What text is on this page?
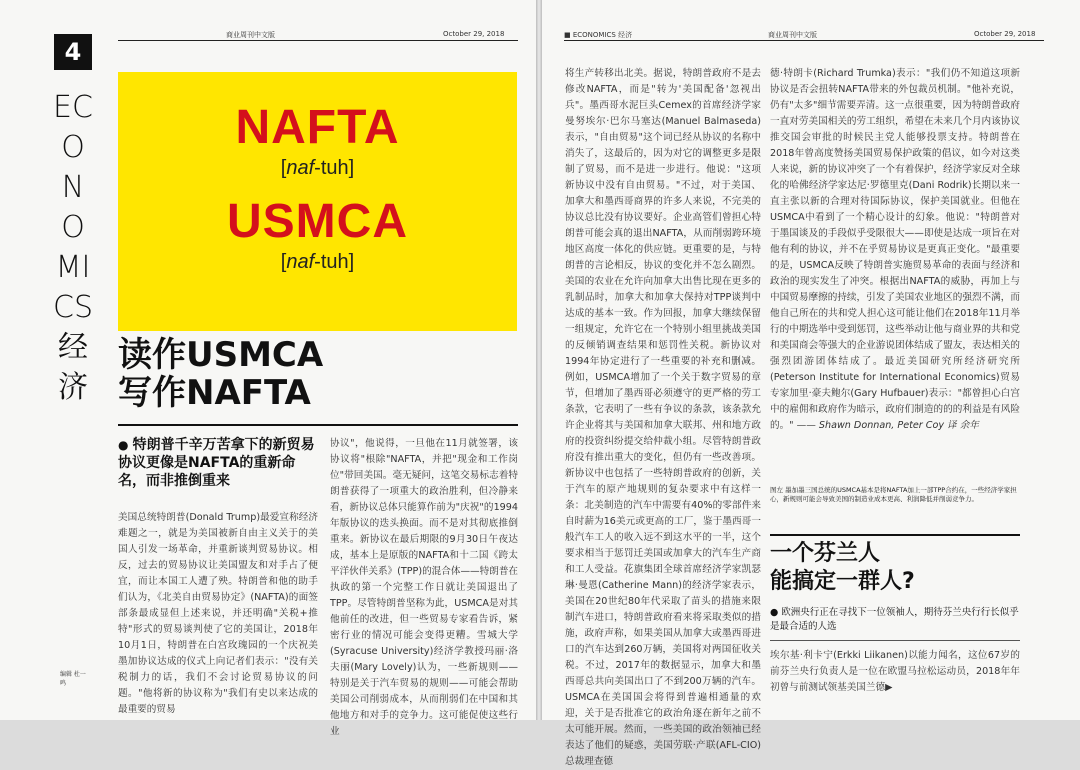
商业周刊中文版	October 29, 2018
4
ECONOMICS经济
编辑 杜一鸣
NAFTA
[naf-tuh]
USMCA
[naf-tuh]
读作USMCA
写作NAFTA
● 特朗普千辛万苦拿下的新贸易协议更像是NAFTA的重新命名，而非推倒重来
美国总统特朗普(Donald Trump)最爱宣称经济难题之一，就是为美国被新自由主义关于的美国人引发一场革命，并重新谈判贸易协议。相反，过去的贸易协议让美国盟友和对手占了便宜，而让本国工人遭了殃。特朗普和他的助手们认为，《北美自由贸易协定》(NAFTA)的面签部条最成显但上述来说，并还明确"关税+推特"形式的贸易谈判使了它的美国让，2018年10月1日，特朗普在白宫玫瑰园的一个庆祝美墨加协议达成的仪式上向记者们表示："没有关税制力的话，我们不会讨论贸易协议的问题。"他将新的协议称为"我们有史以来达成的最重要的贸易
协议"，他说得，一旦他在11月就签署，该协议将"根除"NAFTA，并把"现金和工作岗位"带回美国。毫无疑问，这笔交易标志着特朗普获得了一项重大的政治胜利，但冷静来看，新协议总体只能算作前为"庆祝"的1994年版协议的迭头换面。而不是对其彻底推倒重来。新协议在最后期限的9月30日午夜达成，基本上是原版的NAFTA和十二国《跨太平洋伙伴关系》(TPP)的混合体——特朗普在执政的第一个完整工作日就让美国退出了TPP。尽管特朗普坚称为此，USMCA是对其他前任的改进，但一些贸易专家看告诉，紧密行业的情况可能会变得更糟。雪城大学(Syracuse University)经济学教授玛丽·洛夫丽(Mary Lovely)认为，一些新规则——特别是关于汽车贸易的规则——可能会帮助美国公司削弱成本，从而削弱们在中国和其他地方和对手的竞争力。这可能促使这些行业
■ ECONOMICS 经济	商业周刊中文版	October 29, 2018
将生产转移出北美。据说，特朗普政府不是去修改NAFTA，而是"转为'美国配备'忽视出兵"。墨西哥水泥巨头Cemex的首席经济学家曼努埃尔·巴尔马塞达(Manuel Balmaseda)表示，"自由贸易"这个词已经从协议的名称中消失了，这最后的，因为对它的调整更多是限制了贸易，而不是进一步进行。他说："这项新协议中没有自由贸易。"不过，对于美国、加拿大和墨西哥商界的许多人来说，不完美的协议总比没有协议要好。企业高管们曾担心特朗普可能会真的退出NAFTA，从而削弱跨环境地区高度一体化的供应链。更重要的是，与特朗普的言论相反，协议的变化并不怎么剧烈。美国的农业在允许向加拿大出售比现在更多的乳制品时，加拿大和加拿大保持对TPP谈判中达成的基本一致。作为回报，加拿大继续保留一组规定，允许它在一个特别小组里挑战美国的反倾销调查结果和惩罚性关税。新协议对1994年协定进行了一些重要的补充和删减。例如，USMCA增加了一个关于数字贸易的章节，但增加了墨西哥必须遵守的更严格的劳工条款，它表明了一些有争议的条款，该条款允许企业将其与美国和加拿大联邦、州和地方政府的投资纠纷提交给仲裁小组。尽管特朗普政府没有推出重大的变化，但仍有一些改善项。新协议中也包括了一些特朗普政府的创新，关于汽车的原产地规则的复杂要求中有这样一条：北美制造的汽车中需要有40%的零部件来自时薪为16美元或更高的工厂，鉴于墨西哥一般汽车工人的收入远不到这水平的一半，这个要求相当于惩罚迁美国或加拿大的汽车生产商和工人受益。花旗集团全球首席经济学家凯瑟琳·曼恩(Catherine Mann)的经济学家表示，美国在20世纪80年代采取了苗头的措施来限制汽车进口，特朗普政府看来将采取类似的措施，政府声称，如果美国从加拿大或墨西哥进口的汽车达到260万辆，美国将对两国征收关税。不过，2017年的数据显示，加拿大和墨西哥总共向美国出口了不到200万辆的汽车。USMCA在美国国会将得到普遍相通量的欢迎，关于是否批准它的政治角逐在新年之前不太可能开展。然而，一些美国的政治领袖已经表达了他们的疑惑，美国劳联·产联(AFL-CIO)总裁理查德
德·特朗卡(Richard Trumka)表示："我们仍不知道这项新协议是否会扭转NAFTA带来的外包裁员机制。"他补充说，仍有"太多"细节需要弄清。这一点很重要，因为特朗普政府一直对劳美国相关的劳工组织，希望在未来几个月内该协议推交国会审批的时候民主党人能够投票支持。特朗普在2018年曾高度赞扬美国贸易保护政策的倡议，如今对这类人来说，新的协议冲突了一个有着保护，经济学家反对全球化的哈佛经济学家达尼·罗德里克(Dani Rodrik)长期以来一直主张以新的合理对待国际协议，保护美国就业。但他在USMCA中看到了一个精心设计的幻象。他说："特朗普对于墨国谈及的手段似乎受限很大——即使是达成一项旨在对他有利的协议，并不在乎贸易协议是更真正变化。"最重要的是，USMCA反映了特朗普实施贸易革命的表面与经济和政治的现实发生了冲突。根据出NAFTA的威胁，再加上与中国贸易摩擦的持续，引发了美国农业地区的强烈不满，而他自己所在的共和党人担心这可能让他们在2018年11月举行的中期选举中受到惩罚，这些举动让他与商业界的共和党和美国商会等强大的企业游说团体结成了盟友，表达相关的强烈团游团体结成了。最近美国研究所经济研究所(Peterson Institute for International Economics)贸易专家加里·豪夫鲍尔(Gary Hufbauer)表示："都曾担心白宫中的雇佣和政府作为暗示，政府们制造的的的利益是有风险的。" —— Shawn Donnan, Peter Coy 译 余年
图左 墨加墨三国总统的USMCA基本是将NAFTA加上一部TPP合约在，一些经济学家担心，新规则可能会导致美国的制造业成本更高、利润降低并削弱竞争力。
一个芬兰人
能搞定一群人?
● 欧洲央行正在寻找下一位领袖人，期待芬兰央行行长似乎是最合适的人选
埃尔基·利卡宁(Erkki Liikanen)以能力闻名，这位67岁的前芬兰央行负责人是一位在欧盟马拉松运动员，2018年年初曾与前测试领基美国兰德▶
